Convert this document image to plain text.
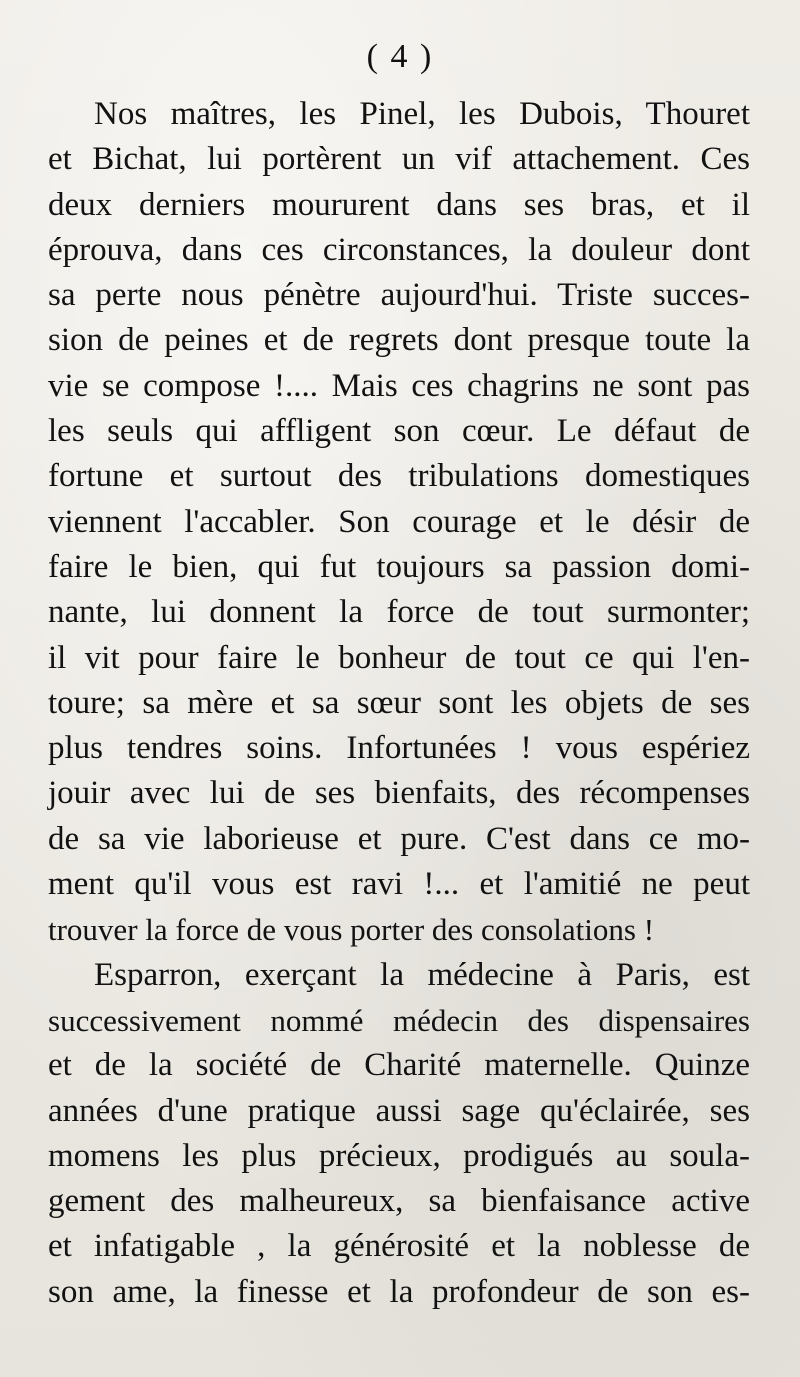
( 4 )
Nos maîtres, les Pinel, les Dubois, Thouret
et Bichat, lui portèrent un vif attachement. Ces
deux derniers moururent dans ses bras, et il
éprouva, dans ces circonstances, la douleur dont
sa perte nous pénètre aujourd'hui. Triste succes-
sion de peines et de regrets dont presque toute la
vie se compose !.... Mais ces chagrins ne sont pas
les seuls qui affligent son cœur. Le défaut de
fortune et surtout des tribulations domestiques
viennent l'accabler. Son courage et le désir de
faire le bien, qui fut toujours sa passion domi-
nante, lui donnent la force de tout surmonter;
il vit pour faire le bonheur de tout ce qui l'en-
toure; sa mère et sa sœur sont les objets de ses
plus tendres soins. Infortunées ! vous espériez
jouir avec lui de ses bienfaits, des récompenses
de sa vie laborieuse et pure. C'est dans ce mo-
ment qu'il vous est ravi !... et l'amitié ne peut
trouver la force de vous porter des consolations !
Esparron, exerçant la médecine à Paris, est
successivement nommé médecin des dispensaires
et de la société de Charité maternelle. Quinze
années d'une pratique aussi sage qu'éclairée, ses
momens les plus précieux, prodigués au soula-
gement des malheureux, sa bienfaisance active
et infatigable , la générosité et la noblesse de
son ame, la finesse et la profondeur de son es-
